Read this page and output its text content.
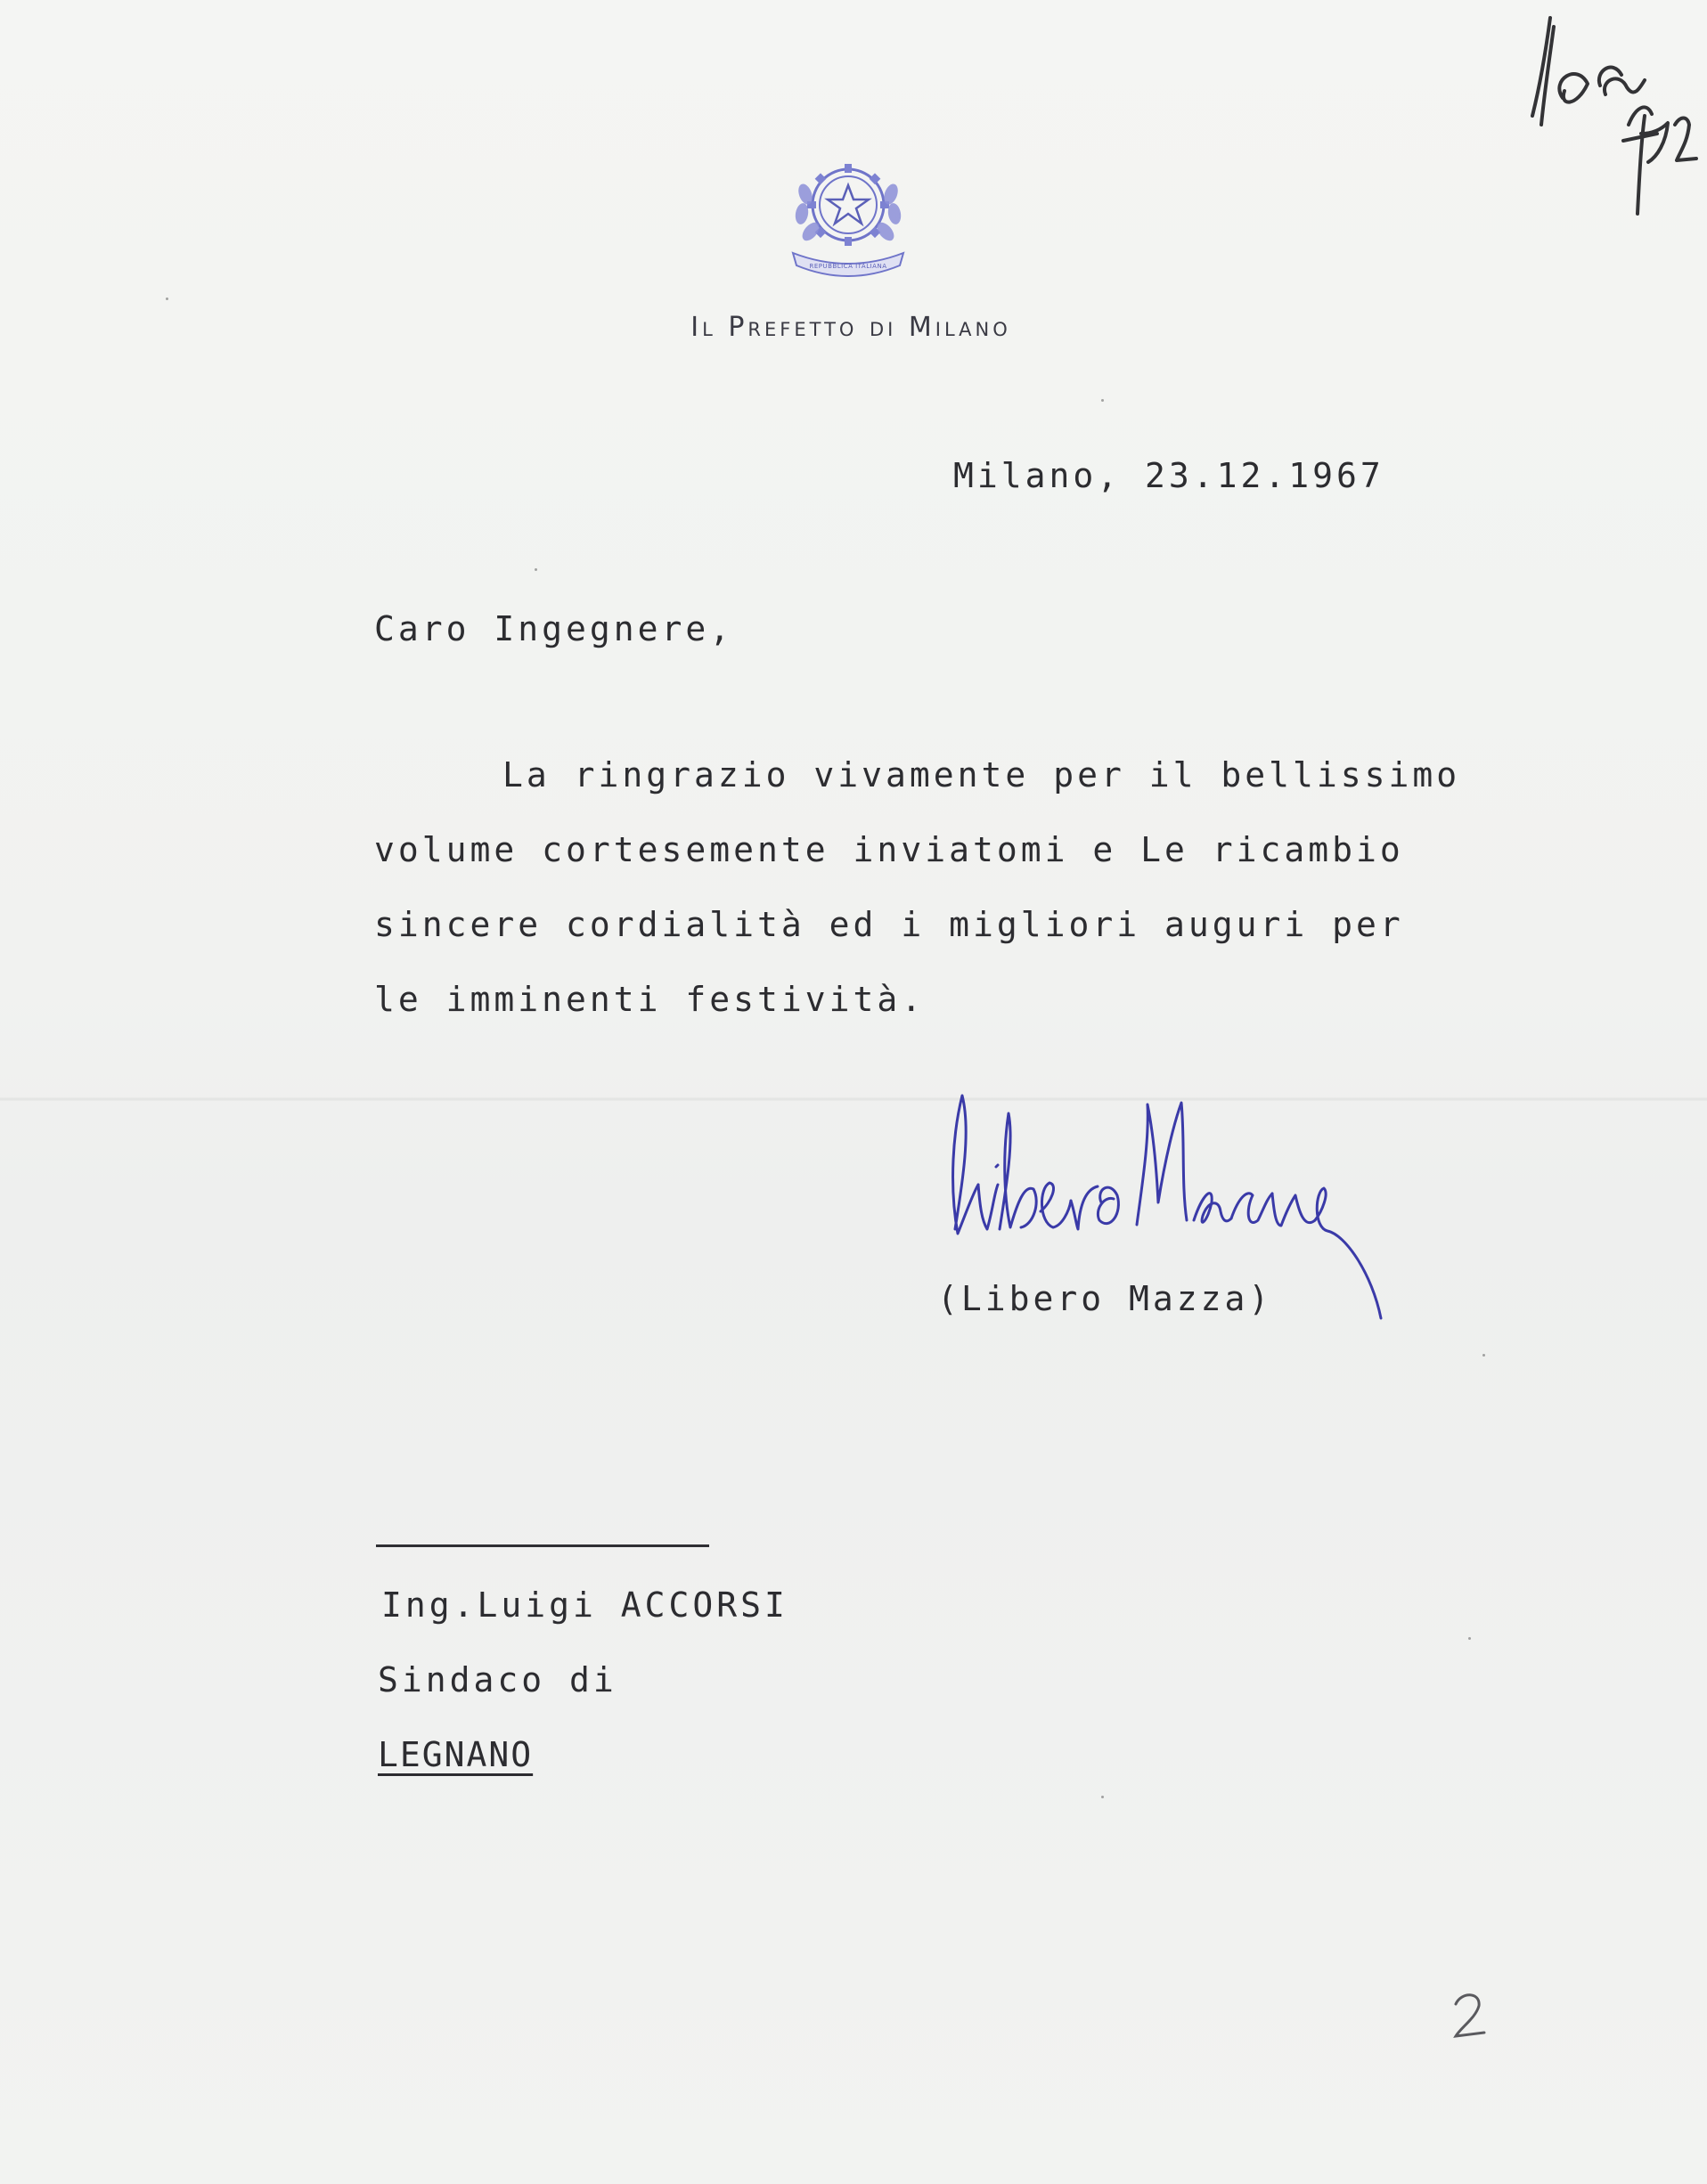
REPUBBLICA ITALIANA
Il Prefetto di Milano

Milano, 23.12.1967

Caro Ingegnere,

La ringrazio vivamente per il bellissimo

volume cortesemente inviatomi e Le ricambio

sincere cordialità ed i migliori auguri per

le imminenti festività.

(Libero Mazza)

Ing.Luigi ACCORSI

Sindaco di

LEGNANO
